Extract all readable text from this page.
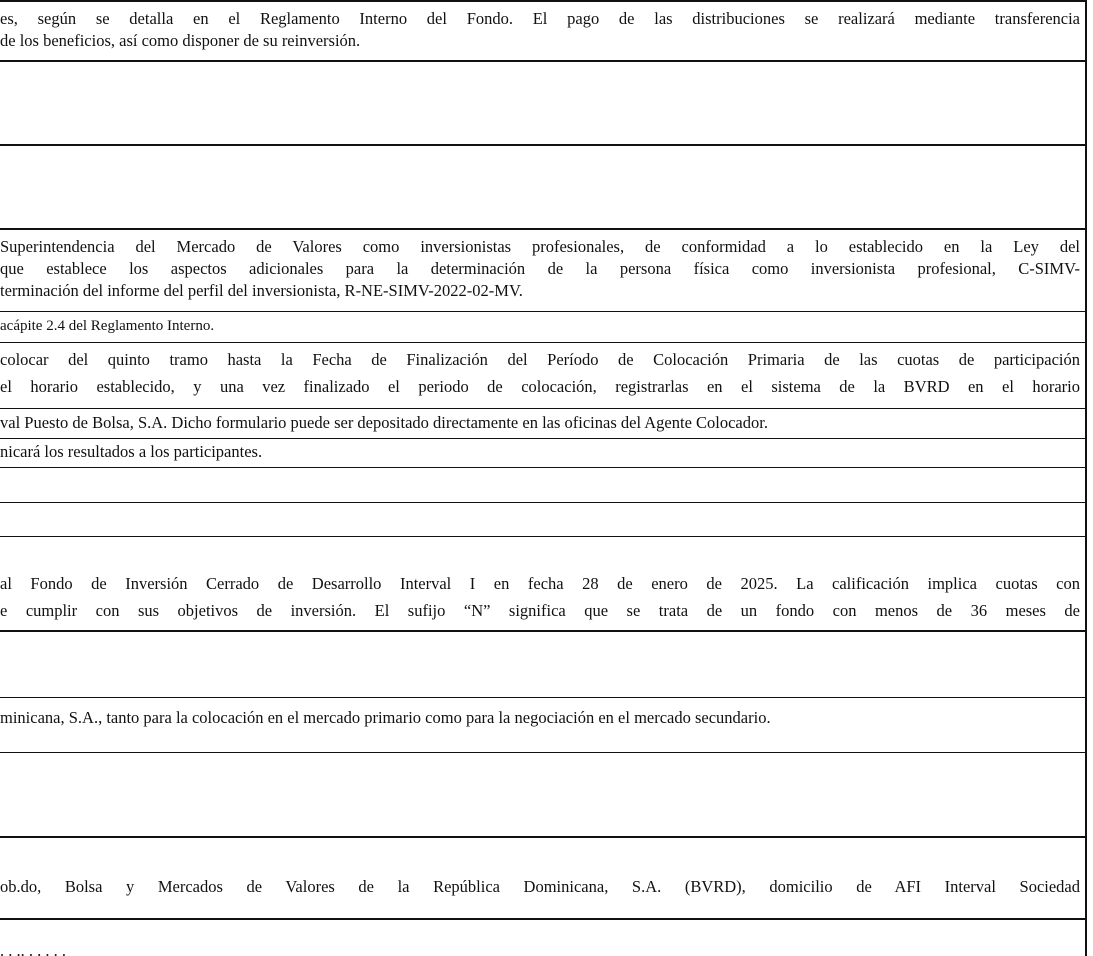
es, según se detalla en el Reglamento Interno del Fondo. El pago de las distribuciones se realizará mediante transferencia
de los beneficios, así como disponer de su reinversión.
Superintendencia del Mercado de Valores como inversionistas profesionales, de conformidad a lo establecido en la Ley del
que establece los aspectos adicionales para la determinación de la persona física como inversionista profesional, C-SIMV-
terminación del informe del perfil del inversionista, R-NE-SIMV-2022-02-MV.
acápite 2.4 del Reglamento Interno.
colocar del quinto tramo hasta la Fecha de Finalización del Período de Colocación Primaria de las cuotas de participación
el horario establecido, y una vez finalizado el periodo de colocación, registrarlas en el sistema de la BVRD en el horario
val Puesto de Bolsa, S.A. Dicho formulario puede ser depositado directamente en las oficinas del Agente Colocador.
nicará los resultados a los participantes.
al Fondo de Inversión Cerrado de Desarrollo Interval I en fecha 28 de enero de 2025. La calificación implica cuotas con
e cumplir con sus objetivos de inversión. El sufijo “N” significa que se trata de un fondo con menos de 36 meses de
minicana, S.A., tanto para la colocación en el mercado primario como para la negociación en el mercado secundario.
ob.do, Bolsa y Mercados de Valores de la República Dominicana, S.A. (BVRD), domicilio de AFI Interval Sociedad
. . .. . . . . .
